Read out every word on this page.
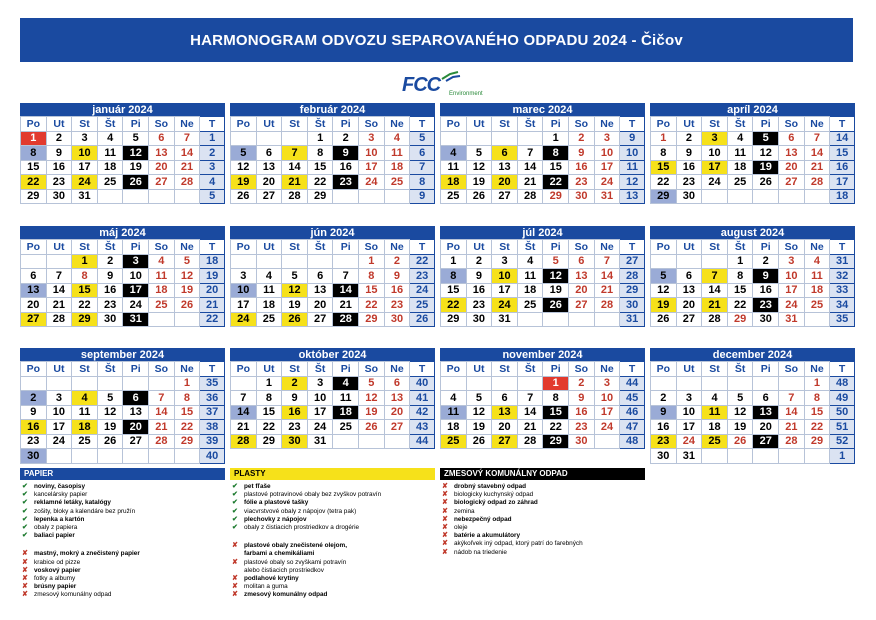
HARMONOGRAM ODVOZU SEPAROVANÉHO ODPADU 2024 - Čičov
FCC Environment
január 2024
Po	Ut	St	Št	Pi	So	Ne	T
1	2	3	4	5	6	7	1
8	9	10	11	12	13	14	2
15	16	17	18	19	20	21	3
22	23	24	25	26	27	28	4
29	30	31					5
február 2024
Po	Ut	St	Št	Pi	So	Ne	T
			1	2	3	4	5
5	6	7	8	9	10	11	6
12	13	14	15	16	17	18	7
19	20	21	22	23	24	25	8
26	27	28	29				9
marec 2024
Po	Ut	St	Št	Pi	So	Ne	T
				1	2	3	9
4	5	6	7	8	9	10	10
11	12	13	14	15	16	17	11
18	19	20	21	22	23	24	12
25	26	27	28	29	30	31	13
apríl 2024
Po	Ut	St	Št	Pi	So	Ne	T
1	2	3	4	5	6	7	14
8	9	10	11	12	13	14	15
15	16	17	18	19	20	21	16
22	23	24	25	26	27	28	17
29	30						18
máj 2024
Po	Ut	St	Št	Pi	So	Ne	T
		1	2	3	4	5	18
6	7	8	9	10	11	12	19
13	14	15	16	17	18	19	20
20	21	22	23	24	25	26	21
27	28	29	30	31			22
jún 2024
Po	Ut	St	Št	Pi	So	Ne	T
					1	2	22
3	4	5	6	7	8	9	23
10	11	12	13	14	15	16	24
17	18	19	20	21	22	23	25
24	25	26	27	28	29	30	26
júl 2024
Po	Ut	St	Št	Pi	So	Ne	T
1	2	3	4	5	6	7	27
8	9	10	11	12	13	14	28
15	16	17	18	19	20	21	29
22	23	24	25	26	27	28	30
29	30	31					31
august 2024
Po	Ut	St	Št	Pi	So	Ne	T
			1	2	3	4	31
5	6	7	8	9	10	11	32
12	13	14	15	16	17	18	33
19	20	21	22	23	24	25	34
26	27	28	29	30	31		35
september 2024
Po	Ut	St	Št	Pi	So	Ne	T
						1	35
2	3	4	5	6	7	8	36
9	10	11	12	13	14	15	37
16	17	18	19	20	21	22	38
23	24	25	26	27	28	29	39
30							40
október 2024
Po	Ut	St	Št	Pi	So	Ne	T
	1	2	3	4	5	6	40
7	8	9	10	11	12	13	41
14	15	16	17	18	19	20	42
21	22	23	24	25	26	27	43
28	29	30	31				44
november 2024
Po	Ut	St	Št	Pi	So	Ne	T
				1	2	3	44
4	5	6	7	8	9	10	45
11	12	13	14	15	16	17	46
18	19	20	21	22	23	24	47
25	26	27	28	29	30		48
december 2024
Po	Ut	St	Št	Pi	So	Ne	T
						1	48
2	3	4	5	6	7	8	49
9	10	11	12	13	14	15	50
16	17	18	19	20	21	22	51
23	24	25	26	27	28	29	52
30	31						1
PAPIER
✔ noviny, časopisy
✔ kancelársky papier
✔ reklamné letáky, katalógy
✔ zošity, bloky a kalendáre bez pružín
✔ lepenka a kartón
✔ obaly z papiera
✔ baliaci papier
✘ mastný, mokrý a znečistený papier
✘ krabice od pizze
✘ voskový papier
✘ fotky a albumy
✘ brúsny papier
✘ zmesový komunálny odpad
PLASTY
✔ pet fľaše
✔ plastové potravinové obaly bez zvyškov potravín
✔ fólie a plastové tašky
✔ viacvrstvové obaly z nápojov (tetra pak)
✔ plechovky z nápojov
✔ obaly z čistiacich prostriedkov a drogérie
✘ plastové obaly znečistené olejom,
farbami a chemikáliami
✘ plastové obaly so zvyškami potravín
alebo čistiacich prostriedkov
✘ podlahové krytiny
✘ molitan a guma
✘ zmesový komunálny odpad
ZMESOVÝ KOMUNÁLNY ODPAD
✘ drobný stavebný odpad
✘ biologicky kuchynský odpad
✘ biologický odpad zo záhrad
✘ zemina
✘ nebezpečný odpad
✘ oleje
✘ batérie a akumulátory
✘ akýkoľvek iný odpad, ktorý patrí do farebných
✘ nádob na triedenie
